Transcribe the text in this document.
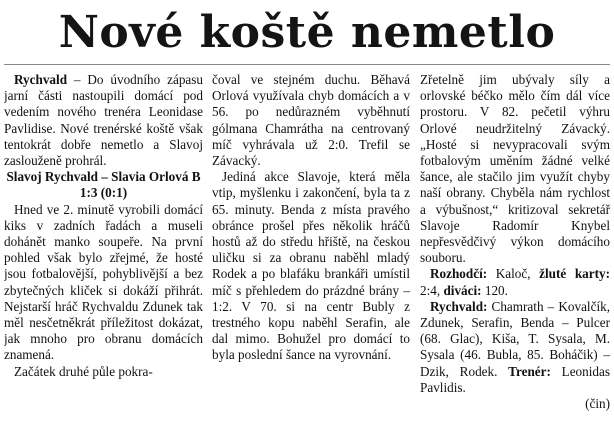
Nové koště nemetlo

Rychvald – Do úvodního zápasu jarní části nastoupili domácí pod vedením nového trenéra Leonidase Pavlidise. Nové trenérské koště však tentokrát dobře nemetlo a Slavoj zaslouženě prohrál.

Slavoj Rychvald – Slavia Orlová B 1:3 (0:1)

Hned ve 2. minutě vyrobili domácí kiks v zadních řadách a museli dohánět manko soupeře. Na první pohled však bylo zřejmé, že hosté jsou fotbalovější, pohyblivější a bez zbytečných kliček si dokáží přihrát. Nejstarší hráč Rychvaldu Zdunek tak měl nesčetněkrát příležitost dokázat, jak mnoho pro obranu domácích znamená.

Začátek druhé půle pokra-

čoval ve stejném duchu. Běhavá Orlová využívala chyb domácích a v 56. po nedůrazném vyběhnutí gólmana Chamrátha na centrovaný míč vyhrávala už 2:0. Trefil se Závacký.

Jediná akce Slavoje, která měla vtip, myšlenku i zakončení, byla ta z 65. minuty. Benda z místa pravého obránce prošel přes několik hráčů hostů až do středu hřiště, na českou uličku si za obranu naběhl mladý Rodek a po blafáku brankáři umístil míč s přehledem do prázdné brány – 1:2. V 70. si na centr Bubly z trestného kopu naběhl Serafin, ale dal mimo. Bohužel pro domácí to byla poslední šance na vyrovnání.

Zřetelně jim ubývaly síly a orlovské béčko mělo čím dál více prostoru. V 82. pečetil výhru Orlové neudržitelný Závacký. „Hosté si nevypracovali svým fotbalovým uměním žádné velké šance, ale stačilo jim využít chyby naší obrany. Chyběla nám rychlost a výbušnost,“ kritizoval sekretář Slavoje Radomír Knybel nepřesvědčivý výkon domácího souboru.

Rozhodčí: Kaloč, žluté karty: 2:4, diváci: 120.

Rychvald: Chamrath – Kovalčík, Zdunek, Serafin, Benda – Pulcer (68. Glac), Kiša, T. Sysala, M. Sysala (46. Bubla, 85. Boháčik) – Dzik, Rodek. Trenér: Leonidas Pavlidis.

(čin)
